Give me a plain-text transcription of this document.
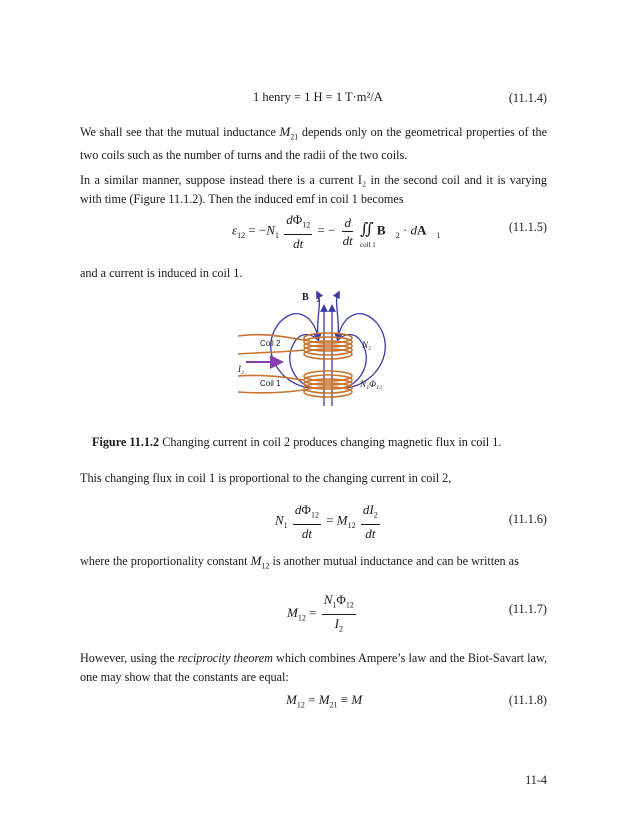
1 henry = 1 H = 1 T·m²/A	(11.1.4)
We shall see that the mutual inductance $M_{21}$ depends only on the geometrical properties of the two coils such as the number of turns and the radii of the two coils.
In a similar manner, suppose instead there is a current I₂ in the second coil and it is varying with time (Figure 11.1.2). Then the induced emf in coil 1 becomes
$\varepsilon_{12} = -N_1 \frac{d\Phi_{12}}{dt}$ = − $\frac{d}{dt}$ ∬
coil 1
$B⃗_2$ · $dA⃗_1$
(11.1.5)
and a current is induced in coil 1.
B⃗₂
Coil 2
Coil 1
I₂
N₂
N₁Φ₁₂
Figure 11.1.2 Changing current in coil 2 produces changing magnetic flux in coil 1.
This changing flux in coil 1 is proportional to the changing current in coil 2,
$N_1 \frac{d\Phi_{12}}{dt} = M_{12} \frac{dI_2}{dt}$	(11.1.6)
where the proportionality constant $M_{12}$ is another mutual inductance and can be written as
$M_{12} = \frac{N_1\Phi_{12}}{I_2}$	(11.1.7)
However, using the reciprocity theorem which combines Ampere’s law and the Biot-Savart law, one may show that the constants are equal:
$M_{12} = M_{21} \equiv M$	(11.1.8)
11-4
